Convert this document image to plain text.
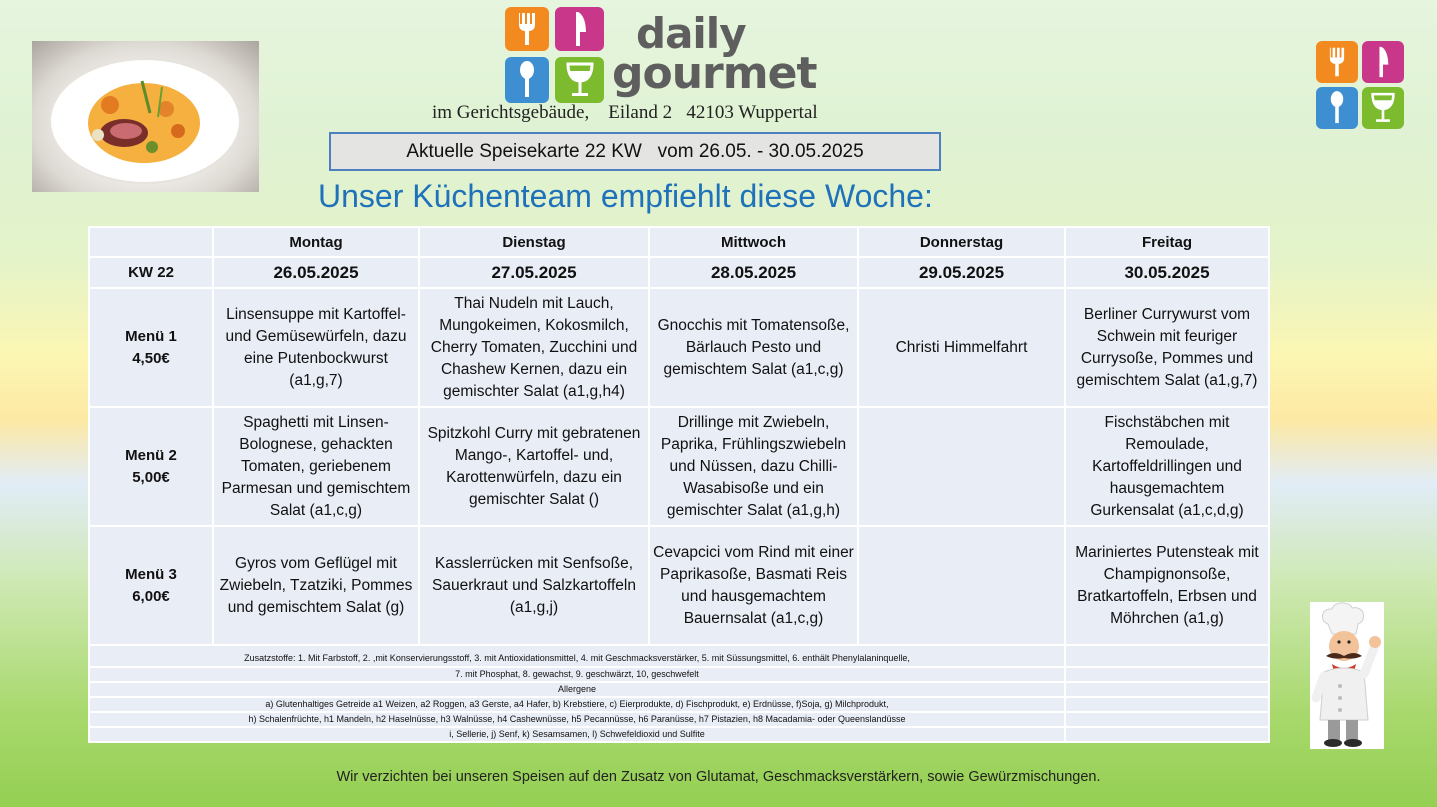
daily
gourmet
im Gerichtsgebäude,    Eiland 2   42103 Wuppertal
Aktuelle Speisekarte 22 KW   vom 26.05. - 30.05.2025
Unser Küchenteam empfiehlt diese Woche:
	Montag	Dienstag	Mittwoch	Donnerstag	Freitag
KW 22	26.05.2025	27.05.2025	28.05.2025	29.05.2025	30.05.2025

Menü 1
4,50€	Linsensuppe mit Kartoffel- und Gemüsewürfeln, dazu eine Putenbockwurst (a1,g,7)	Thai Nudeln mit Lauch, Mungokeimen, Kokosmilch, Cherry Tomaten, Zucchini und Chashew Kernen, dazu ein gemischter Salat (a1,g,h4)	Gnocchis mit Tomatensoße, Bärlauch Pesto und gemischtem Salat (a1,c,g)	Christi Himmelfahrt	Berliner Currywurst vom Schwein mit feuriger Currysoße, Pommes und gemischtem Salat (a1,g,7)

Menü 2
5,00€	Spaghetti mit Linsen-Bolognese, gehackten Tomaten, geriebenem Parmesan und gemischtem Salat (a1,c,g)	Spitzkohl Curry mit gebratenen Mango-, Kartoffel- und, Karottenwürfeln, dazu ein gemischter Salat ()	Drillinge mit Zwiebeln, Paprika, Frühlingszwiebeln und Nüssen, dazu Chilli-Wasabisoße und ein gemischter Salat (a1,g,h)		Fischstäbchen mit Remoulade, Kartoffeldrillingen und hausgemachtem Gurkensalat (a1,c,d,g)

Menü 3
6,00€	Gyros vom Geflügel mit Zwiebeln, Tzatziki, Pommes und gemischtem Salat (g)	Kasslerrücken mit Senfsoße, Sauerkraut und Salzkartoffeln (a1,g,j)	Cevapcici vom Rind mit einer Paprikasoße, Basmati Reis und hausgemachtem Bauernsalat (a1,c,g)		Mariniertes Putensteak mit Champignonsoße, Bratkartoffeln, Erbsen und Möhrchen (a1,g)
Zusatzstoffe: 1. Mit Farbstoff, 2. ,mit Konservierungsstoff, 3. mit Antioxidationsmittel, 4. mit Geschmacksverstärker, 5. mit Süssungsmittel, 6. enthält Phenylalaninquelle,					
7. mit Phosphat, 8. gewachst, 9. geschwärzt, 10, geschwefelt					
Allergene					
a) Glutenhaltiges Getreide a1 Weizen, a2 Roggen, a3 Gerste, a4 Hafer, b) Krebstiere, c) Eierprodukte, d) Fischprodukt, e) Erdnüsse, f)Soja, g) Milchprodukt,					
h) Schalenfrüchte, h1 Mandeln, h2 Haselnüsse, h3 Walnüsse, h4 Cashewnüsse, h5 Pecannüsse, h6 Paranüsse, h7 Pistazien, h8 Macadamia- oder Queenslandüsse					
i, Sellerie, j) Senf, k) Sesamsamen, l) Schwefeldioxid und Sulfite					
Wir verzichten bei unseren Speisen auf den Zusatz von Glutamat, Geschmacksverstärkern, sowie Gewürzmischungen.
